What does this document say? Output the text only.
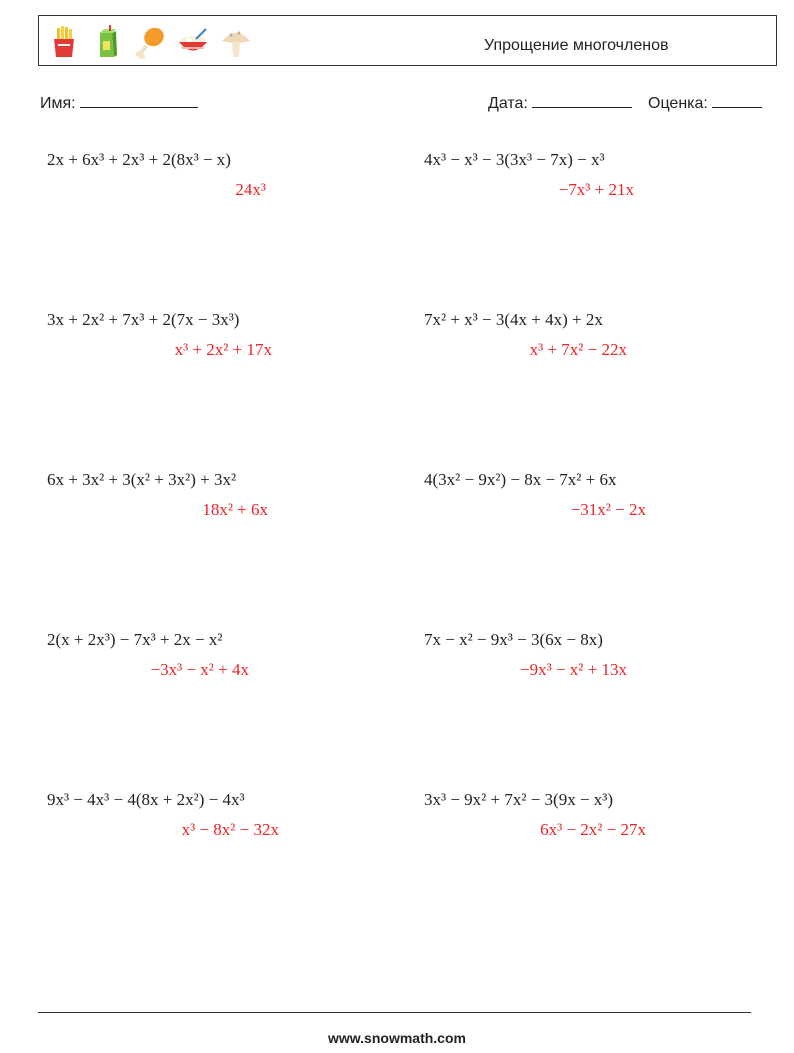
Упрощение многочленов
Имя:	Дата:	Оценка:
2x + 6x³ + 2x³ + 2(8x³ − x)
24x³
4x³ − x³ − 3(3x³ − 7x) − x³
−7x³ + 21x
3x + 2x² + 7x³ + 2(7x − 3x³)
x³ + 2x² + 17x
7x² + x³ − 3(4x + 4x) + 2x
x³ + 7x² − 22x
6x + 3x² + 3(x² + 3x²) + 3x²
18x² + 6x
4(3x² − 9x²) − 8x − 7x² + 6x
−31x² − 2x
2(x + 2x³) − 7x³ + 2x − x²
−3x³ − x² + 4x
7x − x² − 9x³ − 3(6x − 8x)
−9x³ − x² + 13x
9x³ − 4x³ − 4(8x + 2x²) − 4x³
x³ − 8x² − 32x
3x³ − 9x² + 7x² − 3(9x − x³)
6x³ − 2x² − 27x
www.snowmath.com
